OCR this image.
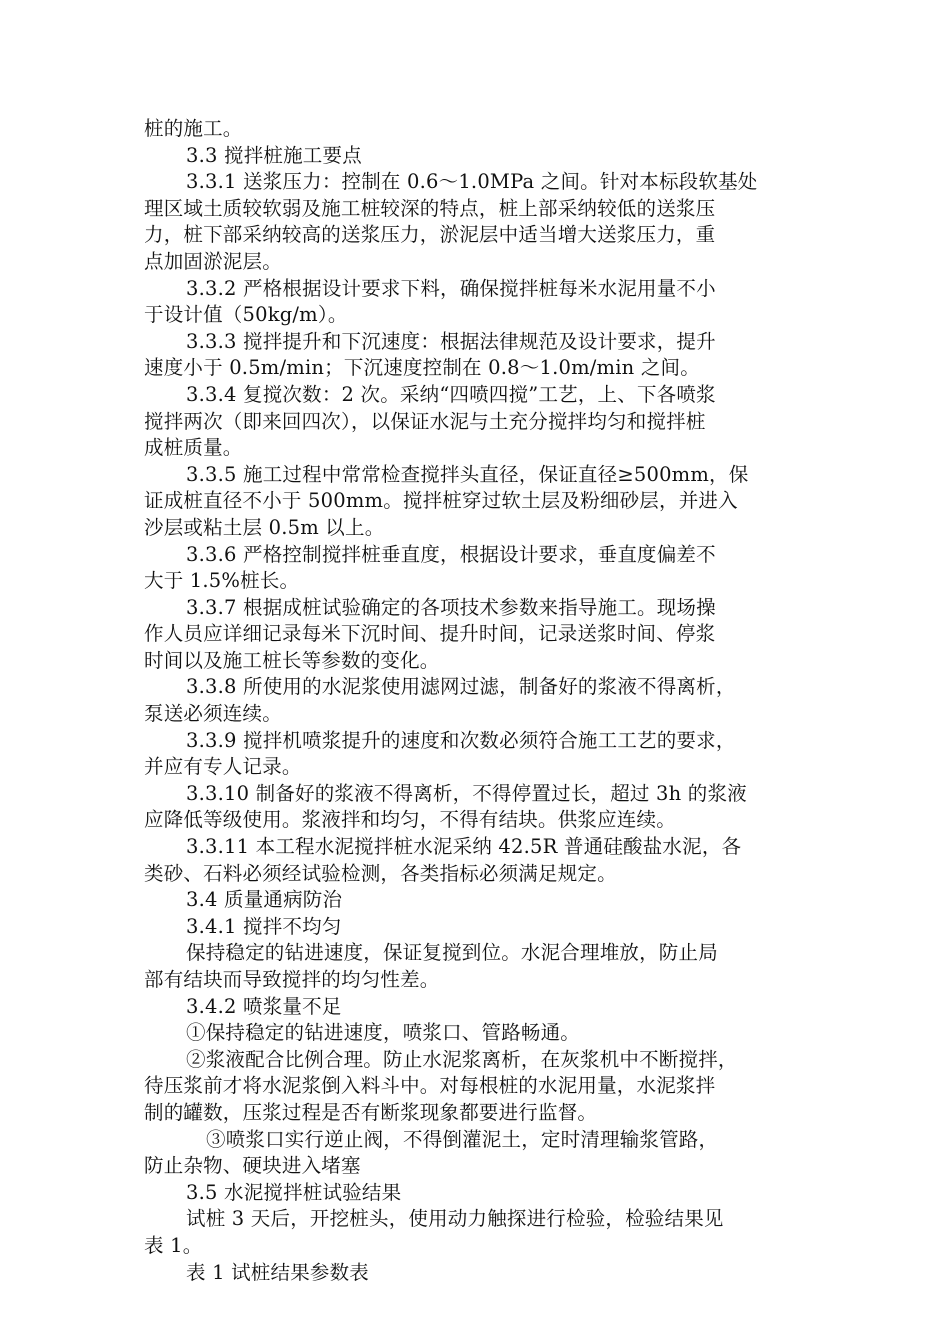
桩的施工。
3.3 搅拌桩施工要点
3.3.1 送浆压力：控制在 0.6～1.0MPa 之间。针对本标段软基处
理区域土质较软弱及施工桩较深的特点，桩上部采纳较低的送浆压
力，桩下部采纳较高的送浆压力，淤泥层中适当增大送浆压力，重
点加固淤泥层。
3.3.2 严格根据设计要求下料，确保搅拌桩每米水泥用量不小
于设计值（50kg/m）。
3.3.3 搅拌提升和下沉速度：根据法律规范及设计要求，提升
速度小于 0.5m/min；下沉速度控制在 0.8～1.0m/min 之间。
3.3.4 复搅次数：2 次。采纳“四喷四搅”工艺，上、下各喷浆
搅拌两次（即来回四次），以保证水泥与土充分搅拌均匀和搅拌桩
成桩质量。
3.3.5 施工过程中常常检查搅拌头直径，保证直径≥500mm，保
证成桩直径不小于 500mm。搅拌桩穿过软土层及粉细砂层，并进入
沙层或粘土层 0.5m 以上。
3.3.6 严格控制搅拌桩垂直度，根据设计要求，垂直度偏差不
大于 1.5%桩长。
3.3.7 根据成桩试验确定的各项技术参数来指导施工。现场操
作人员应详细记录每米下沉时间、提升时间，记录送浆时间、停浆
时间以及施工桩长等参数的变化。
3.3.8 所使用的水泥浆使用滤网过滤，制备好的浆液不得离析，
泵送必须连续。
3.3.9 搅拌机喷浆提升的速度和次数必须符合施工工艺的要求，
并应有专人记录。
3.3.10 制备好的浆液不得离析，不得停置过长，超过 3h 的浆液
应降低等级使用。浆液拌和均匀，不得有结块。供浆应连续。
3.3.11 本工程水泥搅拌桩水泥采纳 42.5R 普通硅酸盐水泥，各
类砂、石料必须经试验检测，各类指标必须满足规定。
3.4 质量通病防治
3.4.1 搅拌不均匀
保持稳定的钻进速度，保证复搅到位。水泥合理堆放，防止局
部有结块而导致搅拌的均匀性差。
3.4.2 喷浆量不足
①保持稳定的钻进速度，喷浆口、管路畅通。
②浆液配合比例合理。防止水泥浆离析，在灰浆机中不断搅拌，
待压浆前才将水泥浆倒入料斗中。对每根桩的水泥用量，水泥浆拌
制的罐数，压浆过程是否有断浆现象都要进行监督。
③喷浆口实行逆止阀，不得倒灌泥土，定时清理输浆管路，
防止杂物、硬块进入堵塞
3.5 水泥搅拌桩试验结果
试桩 3 天后，开挖桩头，使用动力触探进行检验，检验结果见
表 1。
表 1 试桩结果参数表
